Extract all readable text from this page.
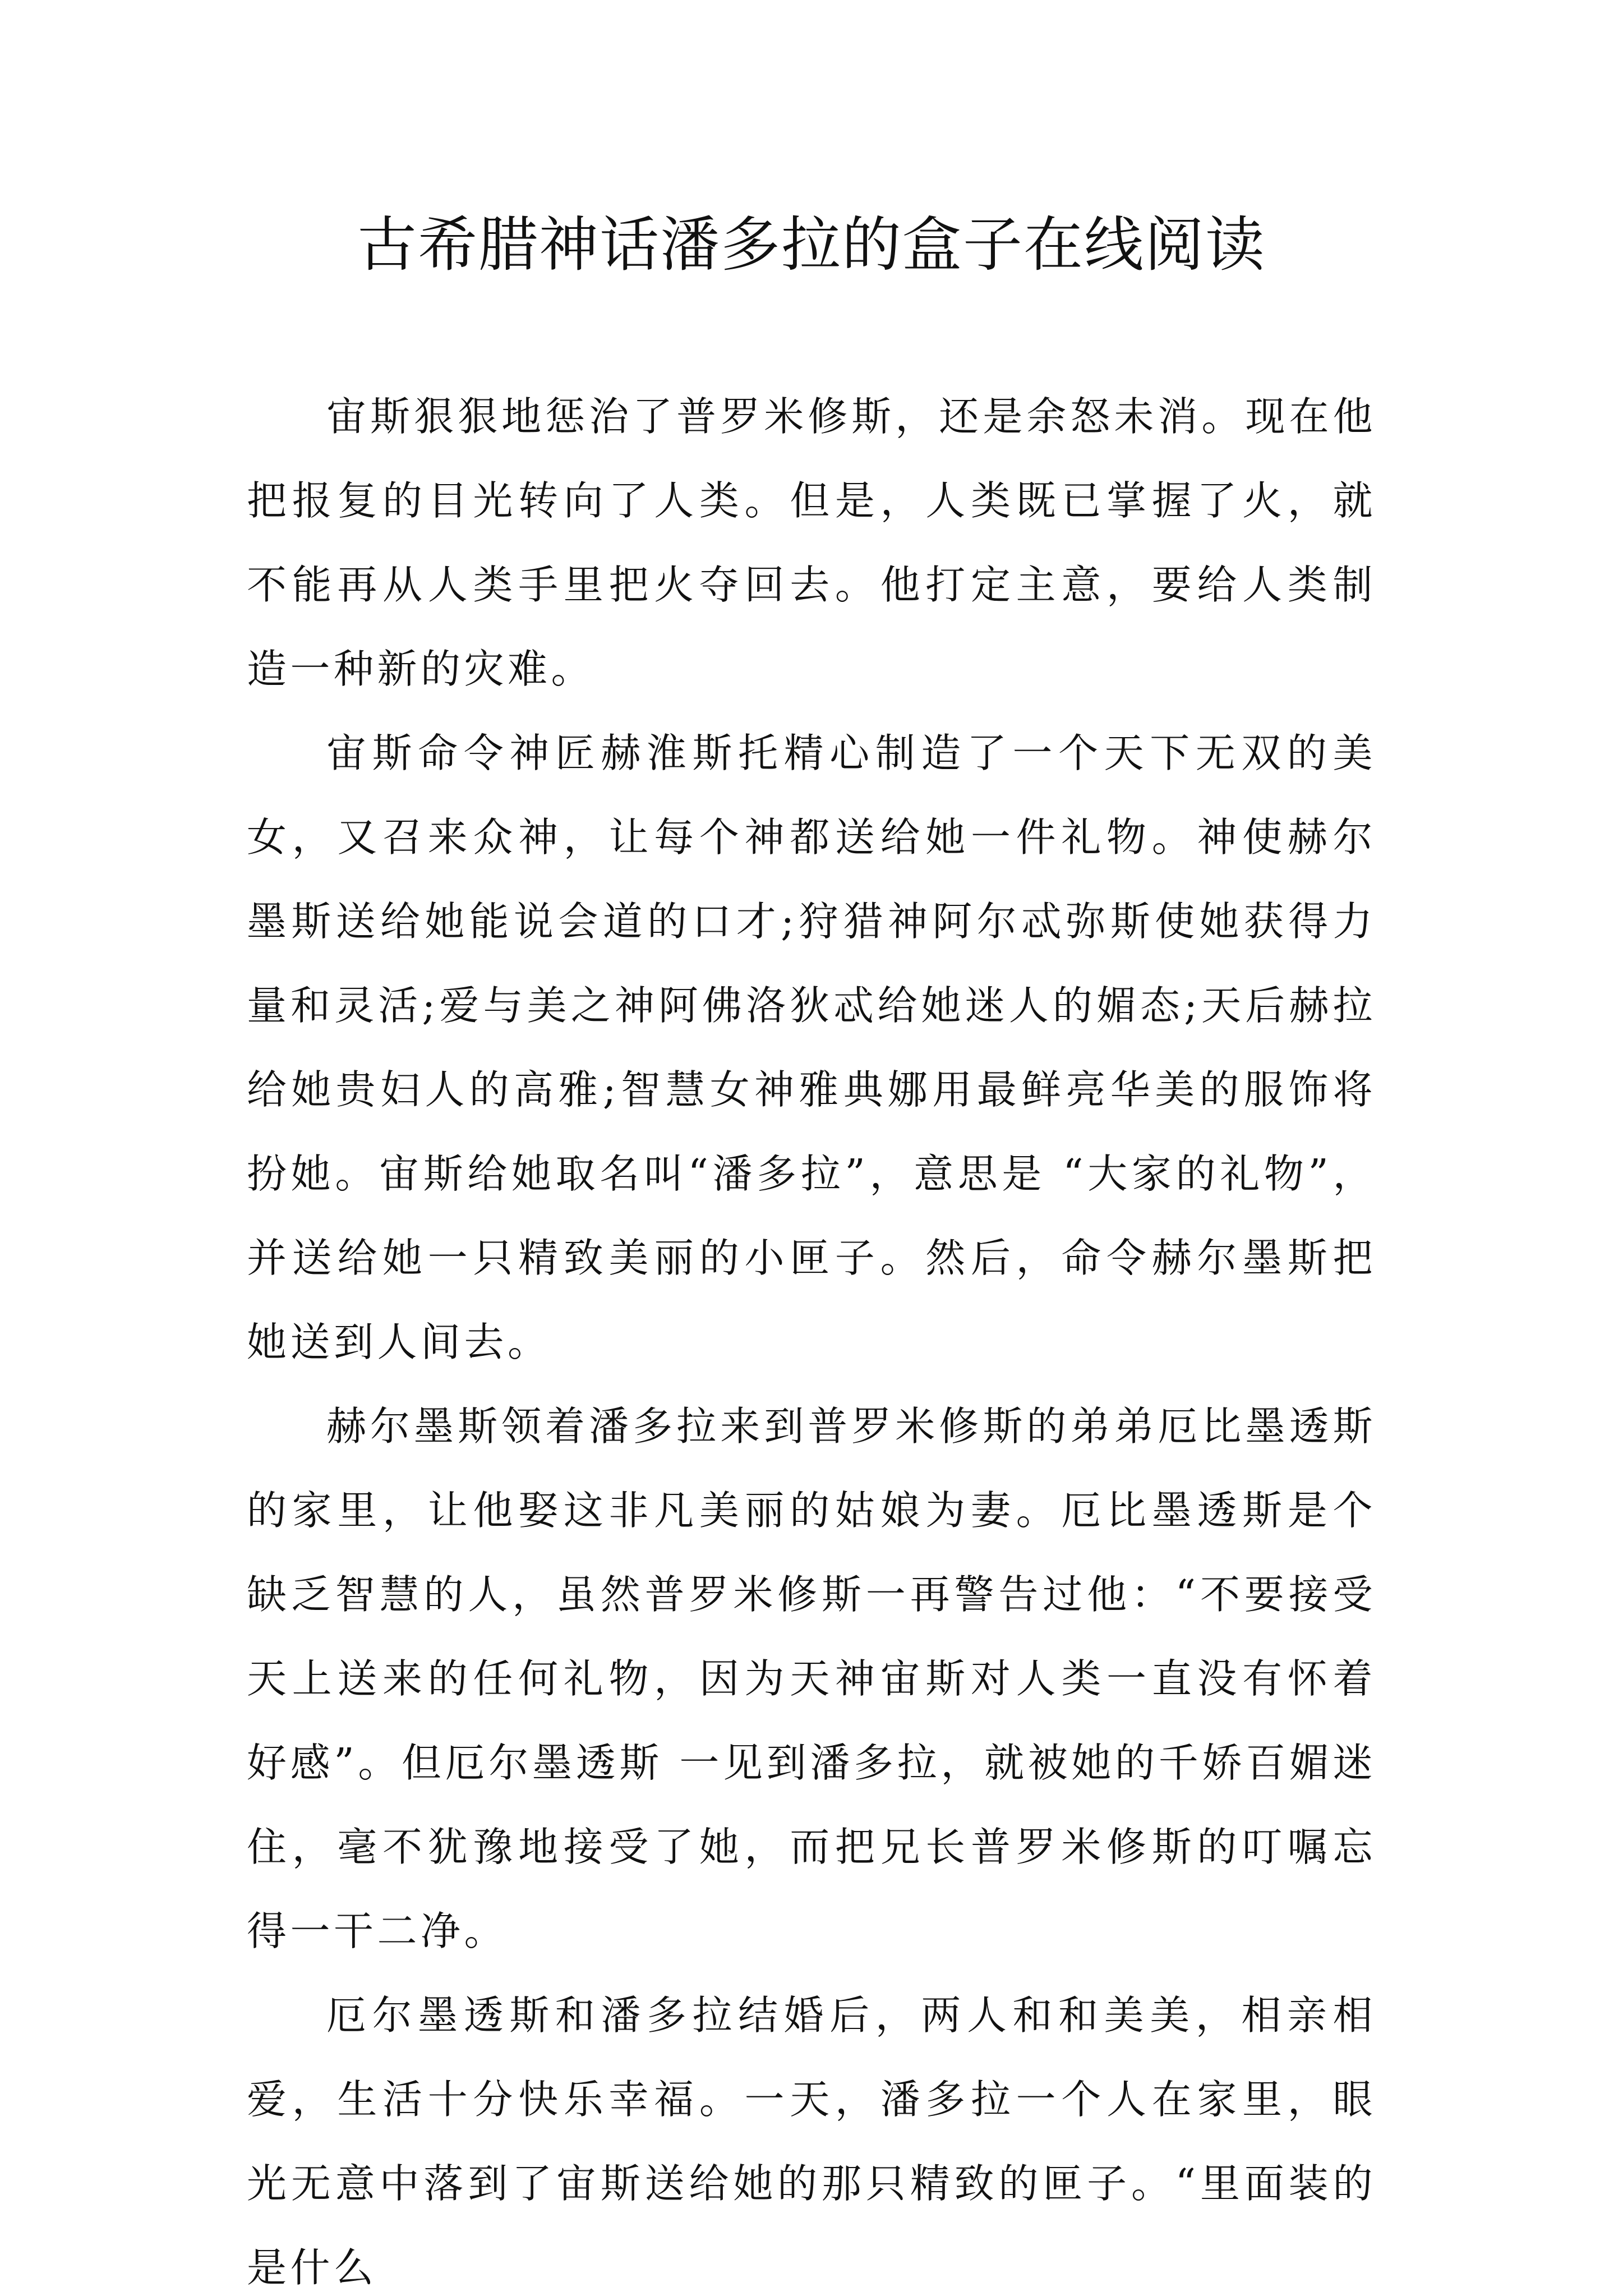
古希腊神话潘多拉的盒子在线阅读

宙斯狠狠地惩治了普罗米修斯，还是余怒未消。现在他把报复的目光转向了人类。但是，人类既已掌握了火，就不能再从人类手里把火夺回去。他打定主意，要给人类制造一种新的灾难。

宙斯命令神匠赫淮斯托精心制造了一个天下无双的美女，又召来众神，让每个神都送给她一件礼物。神使赫尔墨斯送给她能说会道的口才;狩猎神阿尔忒弥斯使她获得力量和灵活;爱与美之神阿佛洛狄忒给她迷人的媚态;天后赫拉给她贵妇人的高雅;智慧女神雅典娜用最鲜亮华美的服饰将扮她。宙斯给她取名叫“潘多拉”，意思是 “大家的礼物”，并送给她一只精致美丽的小匣子。然后，命令赫尔墨斯把她送到人间去。

赫尔墨斯领着潘多拉来到普罗米修斯的弟弟厄比墨透斯的家里，让他娶这非凡美丽的姑娘为妻。厄比墨透斯是个缺乏智慧的人，虽然普罗米修斯一再警告过他：“不要接受天上送来的任何礼物，因为天神宙斯对人类一直没有怀着好感”。但厄尔墨透斯 一见到潘多拉，就被她的千娇百媚迷住，毫不犹豫地接受了她，而把兄长普罗米修斯的叮嘱忘得一干二净。

厄尔墨透斯和潘多拉结婚后，两人和和美美，相亲相爱，生活十分快乐幸福。一天，潘多拉一个人在家里，眼光无意中落到了宙斯送给她的那只精致的匣子。“里面装的是什么
